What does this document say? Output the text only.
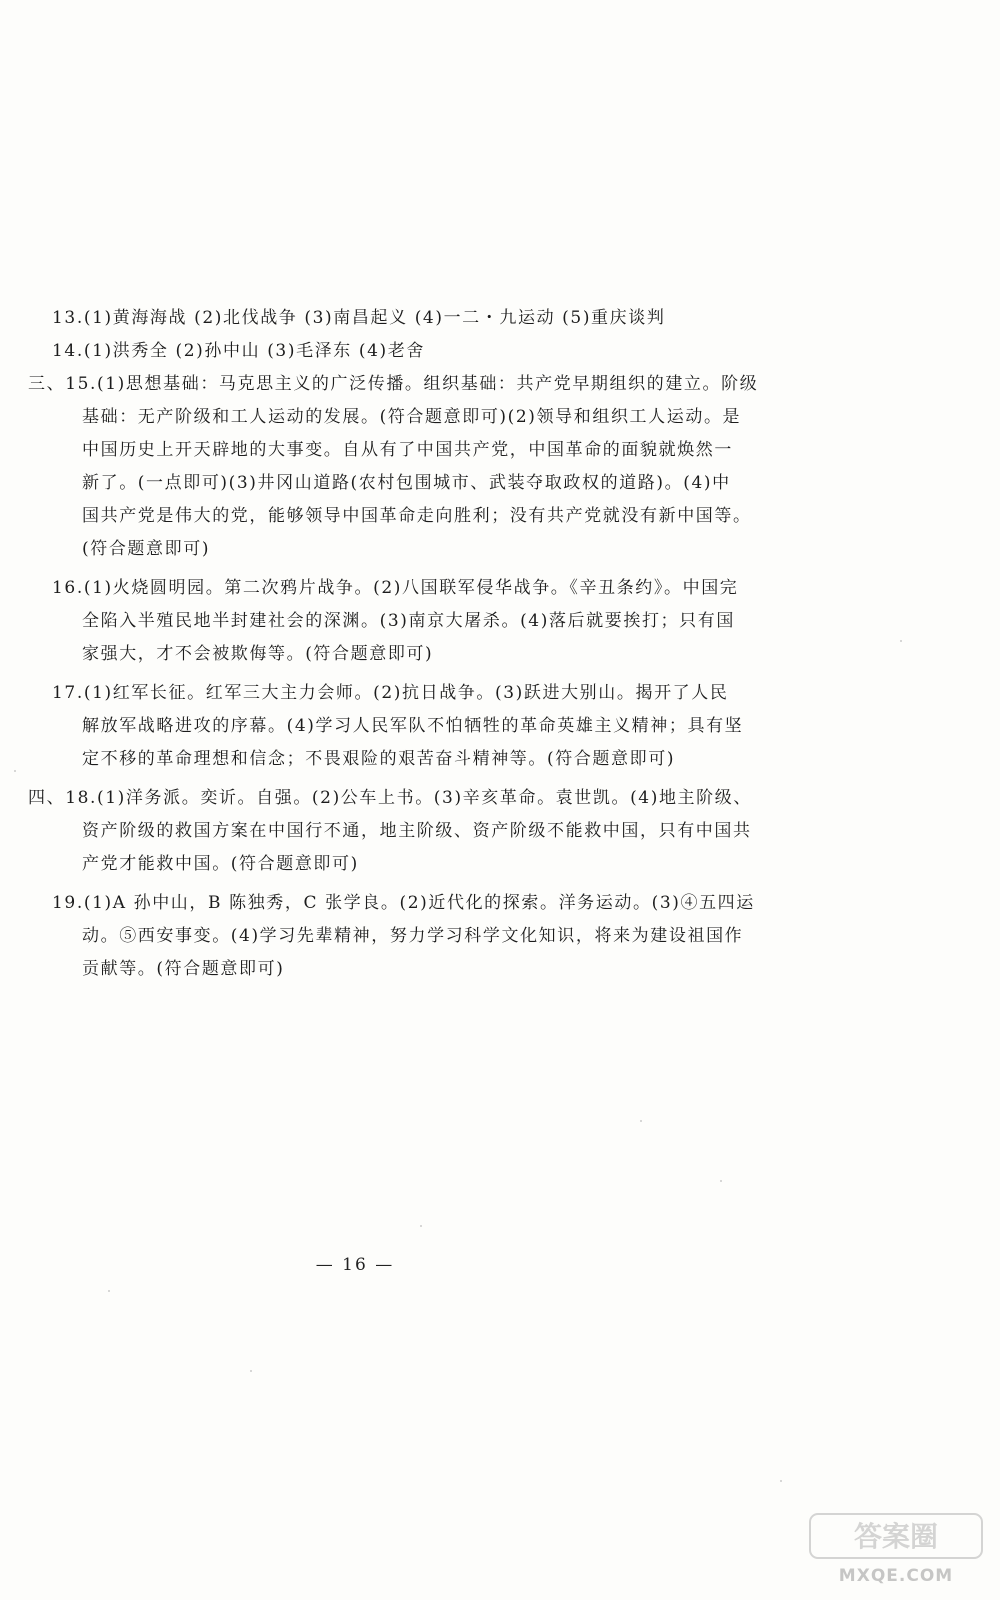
13.(1)黄海海战 (2)北伐战争 (3)南昌起义 (4)一二・九运动 (5)重庆谈判
14.(1)洪秀全 (2)孙中山 (3)毛泽东 (4)老舍
三、15.(1)思想基础：马克思主义的广泛传播。组织基础：共产党早期组织的建立。阶级
基础：无产阶级和工人运动的发展。(符合题意即可)(2)领导和组织工人运动。是
中国历史上开天辟地的大事变。自从有了中国共产党，中国革命的面貌就焕然一
新了。(一点即可)(3)井冈山道路(农村包围城市、武装夺取政权的道路)。(4)中
国共产党是伟大的党，能够领导中国革命走向胜利；没有共产党就没有新中国等。
(符合题意即可)
16.(1)火烧圆明园。第二次鸦片战争。(2)八国联军侵华战争。《辛丑条约》。中国完
全陷入半殖民地半封建社会的深渊。(3)南京大屠杀。(4)落后就要挨打；只有国
家强大，才不会被欺侮等。(符合题意即可)
17.(1)红军长征。红军三大主力会师。(2)抗日战争。(3)跃进大别山。揭开了人民
解放军战略进攻的序幕。(4)学习人民军队不怕牺牲的革命英雄主义精神；具有坚
定不移的革命理想和信念；不畏艰险的艰苦奋斗精神等。(符合题意即可)
四、18.(1)洋务派。奕䜣。自强。(2)公车上书。(3)辛亥革命。袁世凯。(4)地主阶级、
资产阶级的救国方案在中国行不通，地主阶级、资产阶级不能救中国，只有中国共
产党才能救中国。(符合题意即可)
19.(1)A 孙中山，B 陈独秀，C 张学良。(2)近代化的探索。洋务运动。(3)④五四运
动。⑤西安事变。(4)学习先辈精神，努力学习科学文化知识，将来为建设祖国作
贡献等。(符合题意即可)
— 16 —
答案圈
MXQE.COM
